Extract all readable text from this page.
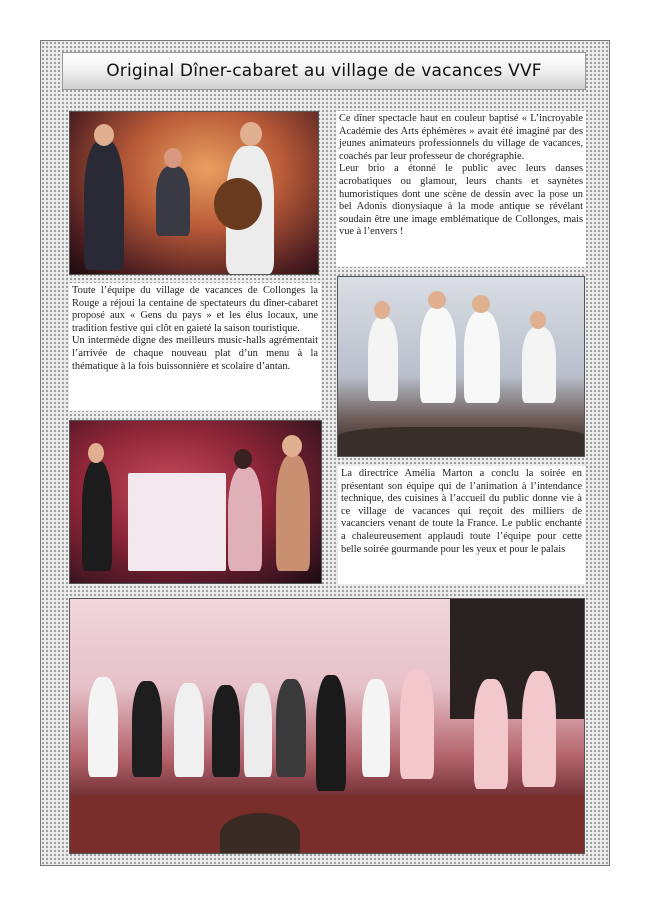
Original Dîner-cabaret au village de vacances VVF

Ce dîner spectacle haut en couleur baptisé « L’incroyable Académie des Arts éphémères » avait été imaginé par des jeunes animateurs professionnels du village de vacances, coachés par leur professeur de chorégraphie.

Leur brio a étonné le public avec leurs danses acrobatiques ou glamour, leurs chants et saynètes humoristiques dont une scène de dessin avec la pose un bel Adonis dionysiaque à la mode antique se révélant soudain être une image emblématique de Collonges, mais vue à l’envers !

Toute l’équipe du village de vacances de Collonges la Rouge a réjoui la centaine de spectateurs du dîner-cabaret proposé aux « Gens du pays » et les élus locaux, une tradition festive qui clôt en gaieté la saison touristique.

Un intermède digne des meilleurs music-halls agrémentait l’arrivée de chaque nouveau plat d’un menu à la thématique à la fois buissonnière et scolaire d’antan.

La directrice Amélia Marton a conclu la soirée en présentant son équipe qui de l’animation à l’intendance technique, des cuisines à l’accueil du public donne vie à ce village de vacances qui reçoit des milliers de vacanciers venant de toute la France. Le public enchanté a chaleureusement applaudi toute l’équipe pour cette belle soirée gourmande pour les yeux et pour le palais
